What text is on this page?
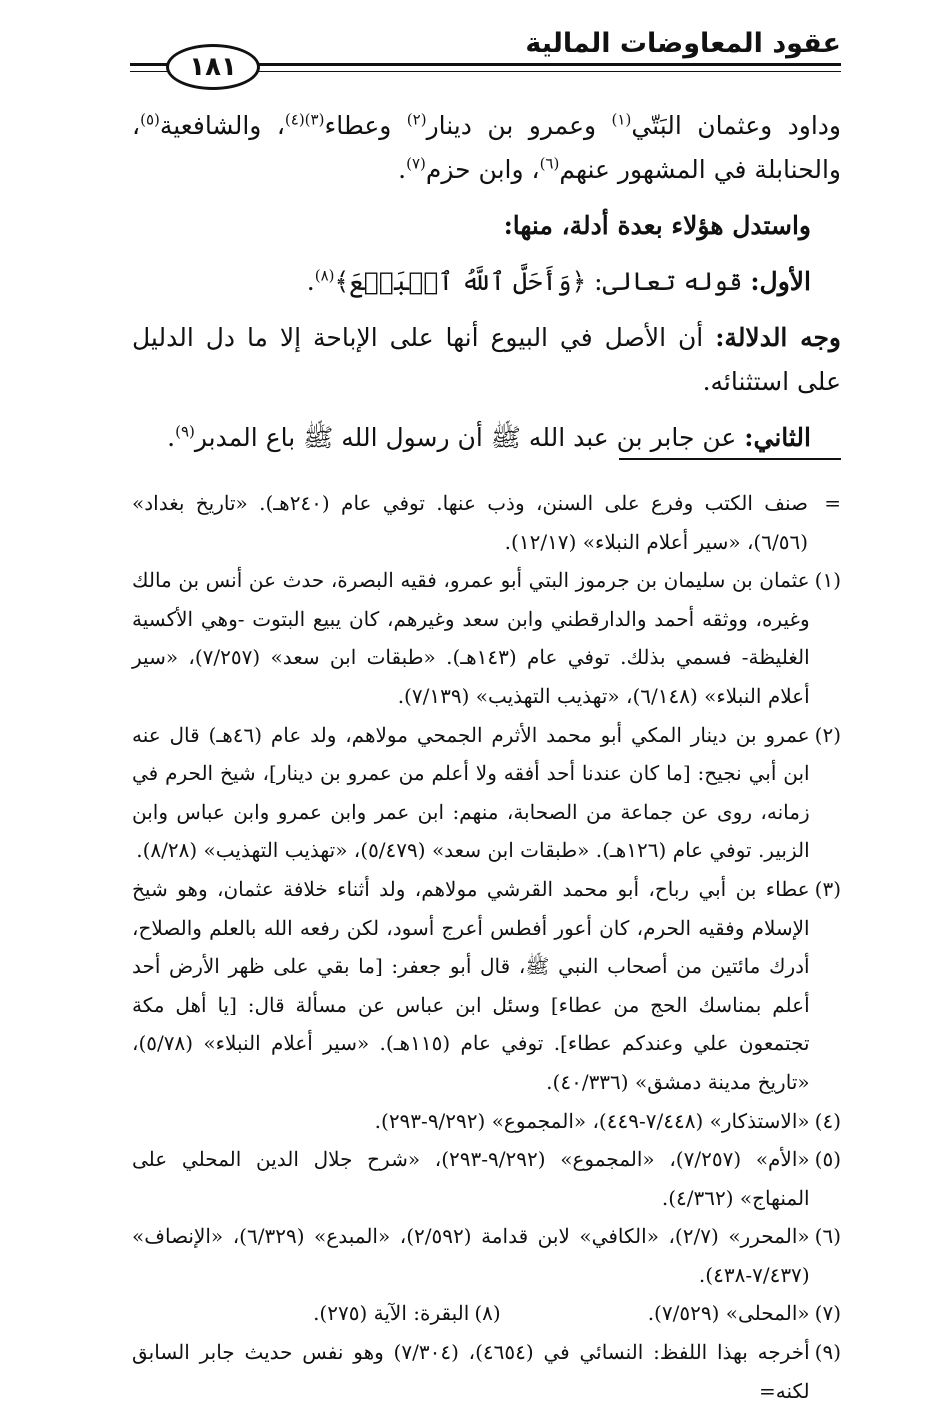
عقود المعاوضات المالية
١٨١

وداود وعثمان البَتّي$^{(١)}$ وعمرو بن دينار$^{(٢)}$ وعطاء$^{(٣)(٤)}$، والشافعية$^{(٥)}$، والحنابلة في المشهور عنهم$^{(٦)}$، وابن حزم$^{(٧)}$.

واستدل هؤلاء بعدة أدلة، منها:

الأول: قوله تعالى: ﴿وَأَحَلَّ ٱللَّهُ ٱلۡبَيۡعَ﴾$^{(٨)}$.

وجه الدلالة: أن الأصل في البيوع أنها على الإباحة إلا ما دل الدليل على استثنائه.

الثاني: عن جابر بن عبد الله ﷺ أن رسول الله ﷺ باع المدبر$^{(٩)}$.

=
صنف الكتب وفرع على السنن، وذب عنها. توفي عام (٢٤٠هـ). «تاريخ بغداد» (٦/٥٦)، «سير أعلام النبلاء» (١٢/١٧).
(١)
عثمان بن سليمان بن جرموز البتي أبو عمرو، فقيه البصرة، حدث عن أنس بن مالك وغيره، ووثقه أحمد والدارقطني وابن سعد وغيرهم، كان يبيع البتوت -وهي الأكسية الغليظة- فسمي بذلك. توفي عام (١٤٣هـ). «طبقات ابن سعد» (٧/٢٥٧)، «سير أعلام النبلاء» (٦/١٤٨)، «تهذيب التهذيب» (٧/١٣٩).
(٢)
عمرو بن دينار المكي أبو محمد الأثرم الجمحي مولاهم، ولد عام (٤٦هـ) قال عنه ابن أبي نجيح: [ما كان عندنا أحد أفقه ولا أعلم من عمرو بن دينار]، شيخ الحرم في زمانه، روى عن جماعة من الصحابة، منهم: ابن عمر وابن عمرو وابن عباس وابن الزبير. توفي عام (١٢٦هـ). «طبقات ابن سعد» (٥/٤٧٩)، «تهذيب التهذيب» (٨/٢٨).
(٣)
عطاء بن أبي رباح، أبو محمد القرشي مولاهم، ولد أثناء خلافة عثمان، وهو شيخ الإسلام وفقيه الحرم، كان أعور أفطس أعرج أسود، لكن رفعه الله بالعلم والصلاح، أدرك مائتين من أصحاب النبي ﷺ، قال أبو جعفر: [ما بقي على ظهر الأرض أحد أعلم بمناسك الحج من عطاء] وسئل ابن عباس عن مسألة قال: [يا أهل مكة تجتمعون علي وعندكم عطاء]. توفي عام (١١٥هـ). «سير أعلام النبلاء» (٥/٧٨)، «تاريخ مدينة دمشق» (٤٠/٣٣٦).
(٤)
«الاستذكار» (٧/٤٤٨-٤٤٩)، «المجموع» (٩/٢٩٢-٢٩٣).
(٥)
«الأم» (٧/٢٥٧)، «المجموع» (٩/٢٩٢-٢٩٣)، «شرح جلال الدين المحلي على المنهاج» (٤/٣٦٢).
(٦)
«المحرر» (٢/٧)، «الكافي» لابن قدامة (٢/٥٩٢)، «المبدع» (٦/٣٢٩)، «الإنصاف» (٧/٤٣٧-٤٣٨).
(٧)
«المحلى» (٧/٥٢٩).
(٨)
البقرة: الآية (٢٧٥).
(٩)
أخرجه بهذا اللفظ: النسائي في (٤٦٥٤)، (٧/٣٠٤) وهو نفس حديث جابر السابق لكنه=
